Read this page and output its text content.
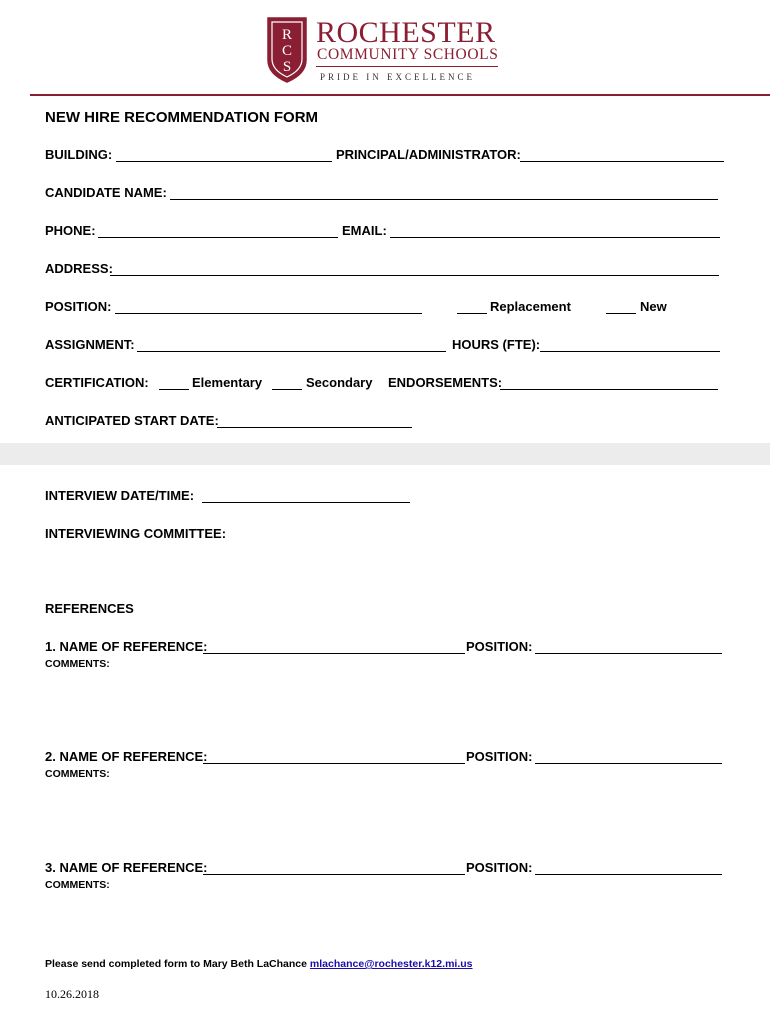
R
C
S
ROCHESTER
COMMUNITY SCHOOLS
PRIDE IN EXCELLENCE
NEW HIRE RECOMMENDATION FORM
BUILDING:	PRINCIPAL/ADMINISTRATOR:
CANDIDATE NAME:
PHONE:	EMAIL:
ADDRESS:
POSITION:	Replacement	New
ASSIGNMENT:	HOURS (FTE):
CERTIFICATION:	Elementary	Secondary ENDORSEMENTS:
ANTICIPATED START DATE:
INTERVIEW DATE/TIME:
INTERVIEWING COMMITTEE:
REFERENCES
1. NAME OF REFERENCE:	POSITION:
COMMENTS:
2. NAME OF REFERENCE:	POSITION:
COMMENTS:
3. NAME OF REFERENCE:	POSITION:
COMMENTS:
Please send completed form to Mary Beth LaChance mlachance@rochester.k12.mi.us
10.26.2018
